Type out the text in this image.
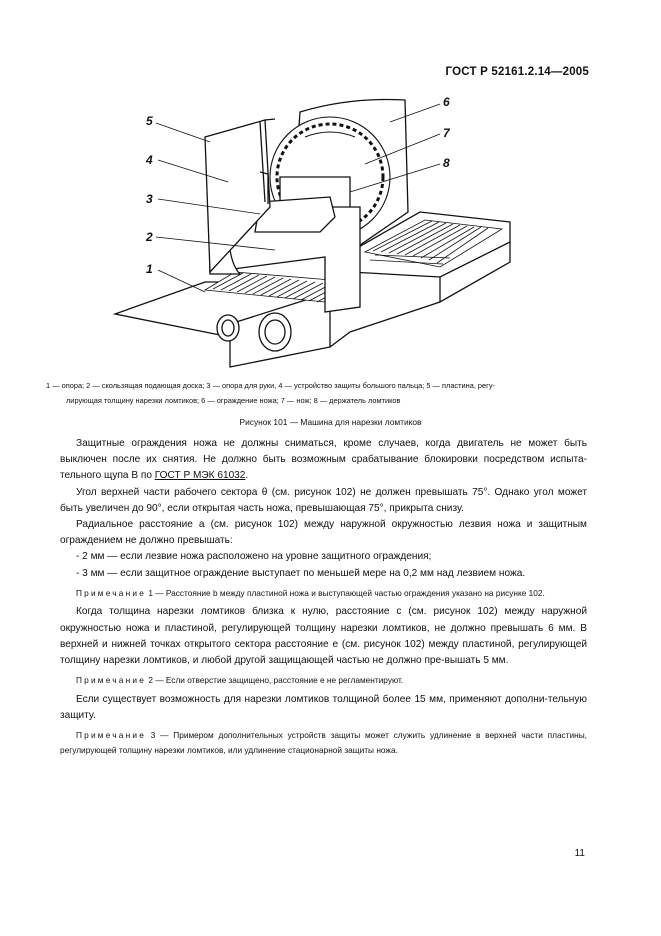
ГОСТ Р 52161.2.14—2005
5
4
3
2
1
6
7
8

1 — опора; 2 — скользящая подающая доска; 3 — опора для руки, 4 — устройство защиты большого пальца; 5 — пластина, регу-

лирующая толщину нарезки ломтиков; 6 — ограждение ножа; 7 — нож; 8 — держатель ломтиков

Рисунок 101 — Машина для нарезки ломтиков

Защитные ограждения ножа не должны сниматься, кроме случаев, когда двигатель не может быть выключен после их снятия. Не должно быть возможным срабатывание блокировки посредством испыта-тельного щупа В по ГОСТ Р МЭК 61032.

Угол верхней части рабочего сектора θ (см. рисунок 102) не должен превышать 75°. Однако угол может быть увеличен до 90°, если открытая часть ножа, превышающая 75°, прикрыта снизу.

Радиальное расстояние a (см. рисунок 102) между наружной окружностью лезвия ножа и защитным ограждением не должно превышать:

- 2 мм — если лезвие ножа расположено на уровне защитного ограждения;

- 3 мм — если защитное ограждение выступает по меньшей мере на 0,2 мм над лезвием ножа.

Примечание 1 — Расстояние b между пластиной ножа и выступающей частью ограждения указано на рисунке 102.

Когда толщина нарезки ломтиков близка к нулю, расстояние c (см. рисунок 102) между наружной окружностью ножа и пластиной, регулирующей толщину нарезки ломтиков, не должно превышать 6 мм. В верхней и нижней точках открытого сектора расстояние e (см. рисунок 102) между пластиной, регулирующей толщину нарезки ломтиков, и любой другой защищающей частью не должно пре-вышать 5 мм.

Примечание 2 — Если отверстие защищено, расстояние e не регламентируют.

Если существует возможность для нарезки ломтиков толщиной более 15 мм, применяют дополни-тельную защиту.

Примечание 3 — Примером дополнительных устройств защиты может служить удлинение в верхней части пластины, регулирующей толщину нарезки ломтиков, или удлинение стационарной защиты ножа.

11
